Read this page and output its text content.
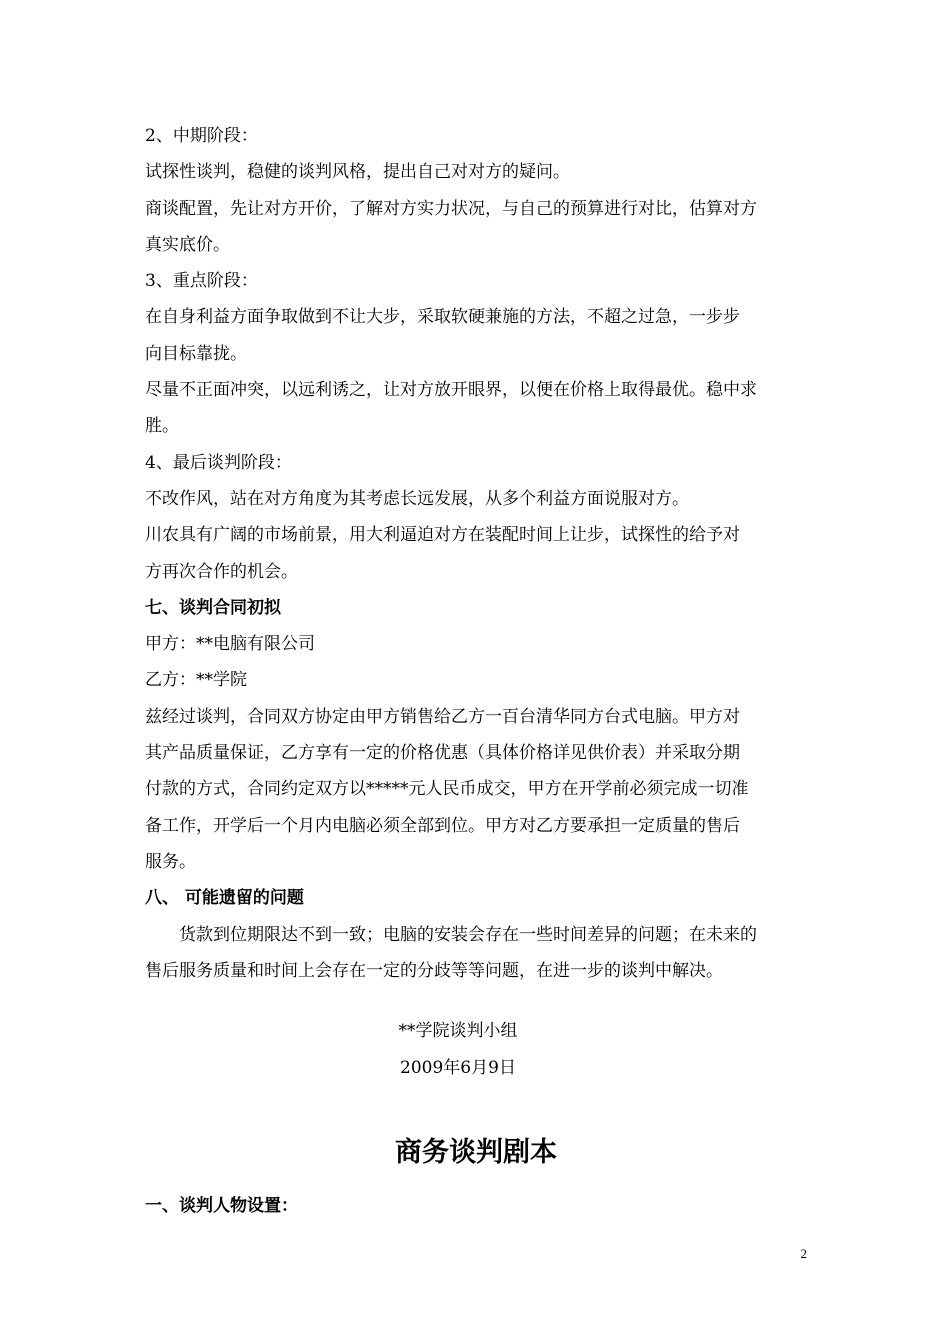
2、中期阶段：
试探性谈判，稳健的谈判风格，提出自己对对方的疑问。
商谈配置，先让对方开价，了解对方实力状况，与自己的预算进行对比，估算对方
真实底价。
3、重点阶段：
在自身利益方面争取做到不让大步，采取软硬兼施的方法，不超之过急，一步步
向目标靠拢。
尽量不正面冲突，以远利诱之，让对方放开眼界，以便在价格上取得最优。稳中求
胜。
4、最后谈判阶段：
不改作风，站在对方角度为其考虑长远发展，从多个利益方面说服对方。
川农具有广阔的市场前景，用大利逼迫对方在装配时间上让步，试探性的给予对
方再次合作的机会。
七、谈判合同初拟
甲方：**电脑有限公司
乙方：**学院
兹经过谈判，合同双方协定由甲方销售给乙方一百台清华同方台式电脑。甲方对
其产品质量保证，乙方享有一定的价格优惠（具体价格详见供价表）并采取分期
付款的方式，合同约定双方以*****元人民币成交，甲方在开学前必须完成一切准
备工作，开学后一个月内电脑必须全部到位。甲方对乙方要承担一定质量的售后
服务。
八、 可能遗留的问题
货款到位期限达不到一致；电脑的安装会存在一些时间差异的问题；在未来的
售后服务质量和时间上会存在一定的分歧等等问题，在进一步的谈判中解决。
**学院谈判小组
2009年6月9日
商务谈判剧本
一、谈判人物设置：
2
